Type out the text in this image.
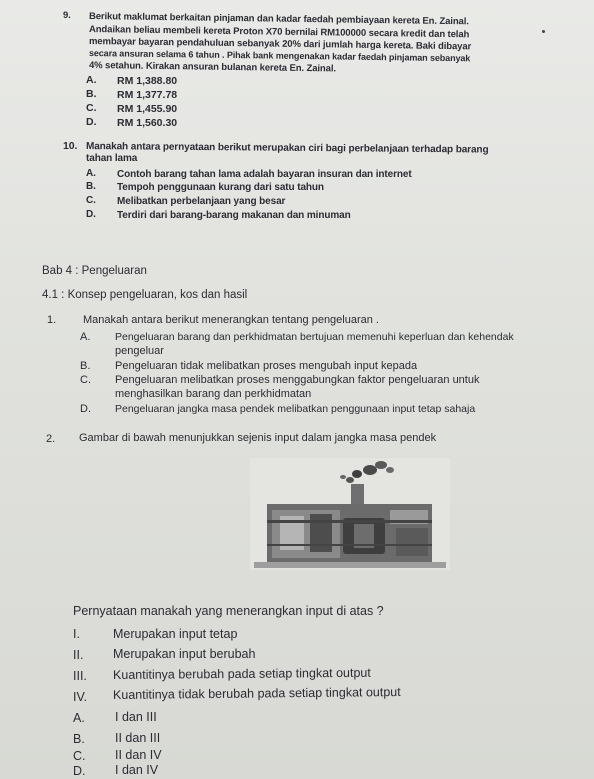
9. Berikut maklumat berkaitan pinjaman dan kadar faedah pembiayaan kereta En. Zainal.
Andaikan beliau membeli kereta Proton X70 bernilai RM100000 secara kredit dan telah
membayar bayaran pendahuluan sebanyak 20% dari jumlah harga kereta. Baki dibayar
secara ansuran selama 6 tahun . Pihak bank mengenakan kadar faedah pinjaman sebanyak
4% setahun. Kirakan ansuran bulanan kereta En. Zainal.
A. RM 1,388.80
B. RM 1,377.78
C. RM 1,455.90
D. RM 1,560.30
10. Manakah antara pernyataan berikut merupakan ciri bagi perbelanjaan terhadap barang
tahan lama
A. Contoh barang tahan lama adalah bayaran insuran dan internet
B. Tempoh penggunaan kurang dari satu tahun
C. Melibatkan perbelanjaan yang besar
D. Terdiri dari barang-barang makanan dan minuman
Bab 4 : Pengeluaran
4.1 : Konsep pengeluaran, kos dan hasil
1. Manakah antara berikut menerangkan tentang pengeluaran .
A. Pengeluaran barang dan perkhidmatan bertujuan memenuhi keperluan dan kehendak
pengeluar
B. Pengeluaran tidak melibatkan proses mengubah input kepada
C. Pengeluaran melibatkan proses menggabungkan faktor pengeluaran untuk
menghasilkan barang dan perkhidmatan
D. Pengeluaran jangka masa pendek melibatkan penggunaan input tetap sahaja
2. Gambar di bawah menunjukkan sejenis input dalam jangka masa pendek
Pernyataan manakah yang menerangkan input di atas ?
I.	Merupakan input tetap
II. Merupakan input berubah
III. Kuantitinya berubah pada setiap tingkat output
IV. Kuantitinya tidak berubah pada setiap tingkat output
A. I dan III
B. II dan III
C. II dan IV
D. I dan IV
